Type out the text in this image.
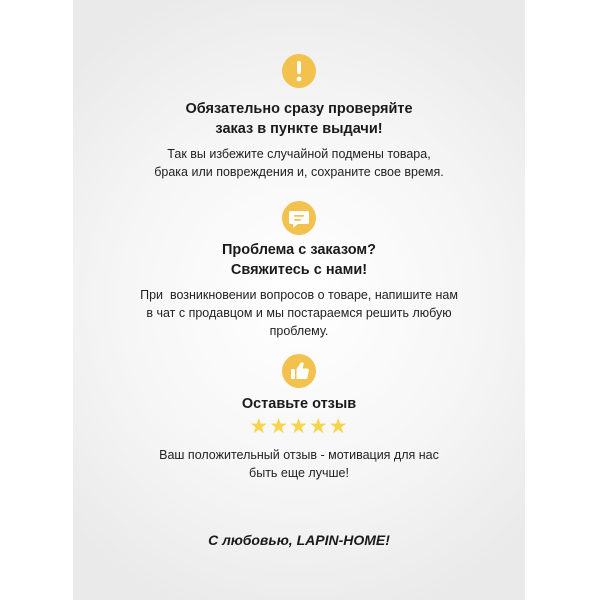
Обязательно сразу проверяйте
заказ в пункте выдачи!
Так вы избежите случайной подмены товара,
брака или повреждения и, сохраните свое время.
Проблема с заказом?
Свяжитесь с нами!
При  возникновении вопросов о товаре, напишите нам
в чат с продавцом и мы постараемся решить любую
проблему.
Оставьте отзыв
★★★★★
Ваш положительный отзыв - мотивация для нас
быть еще лучше!
С любовью, LAPIN-HOME!
